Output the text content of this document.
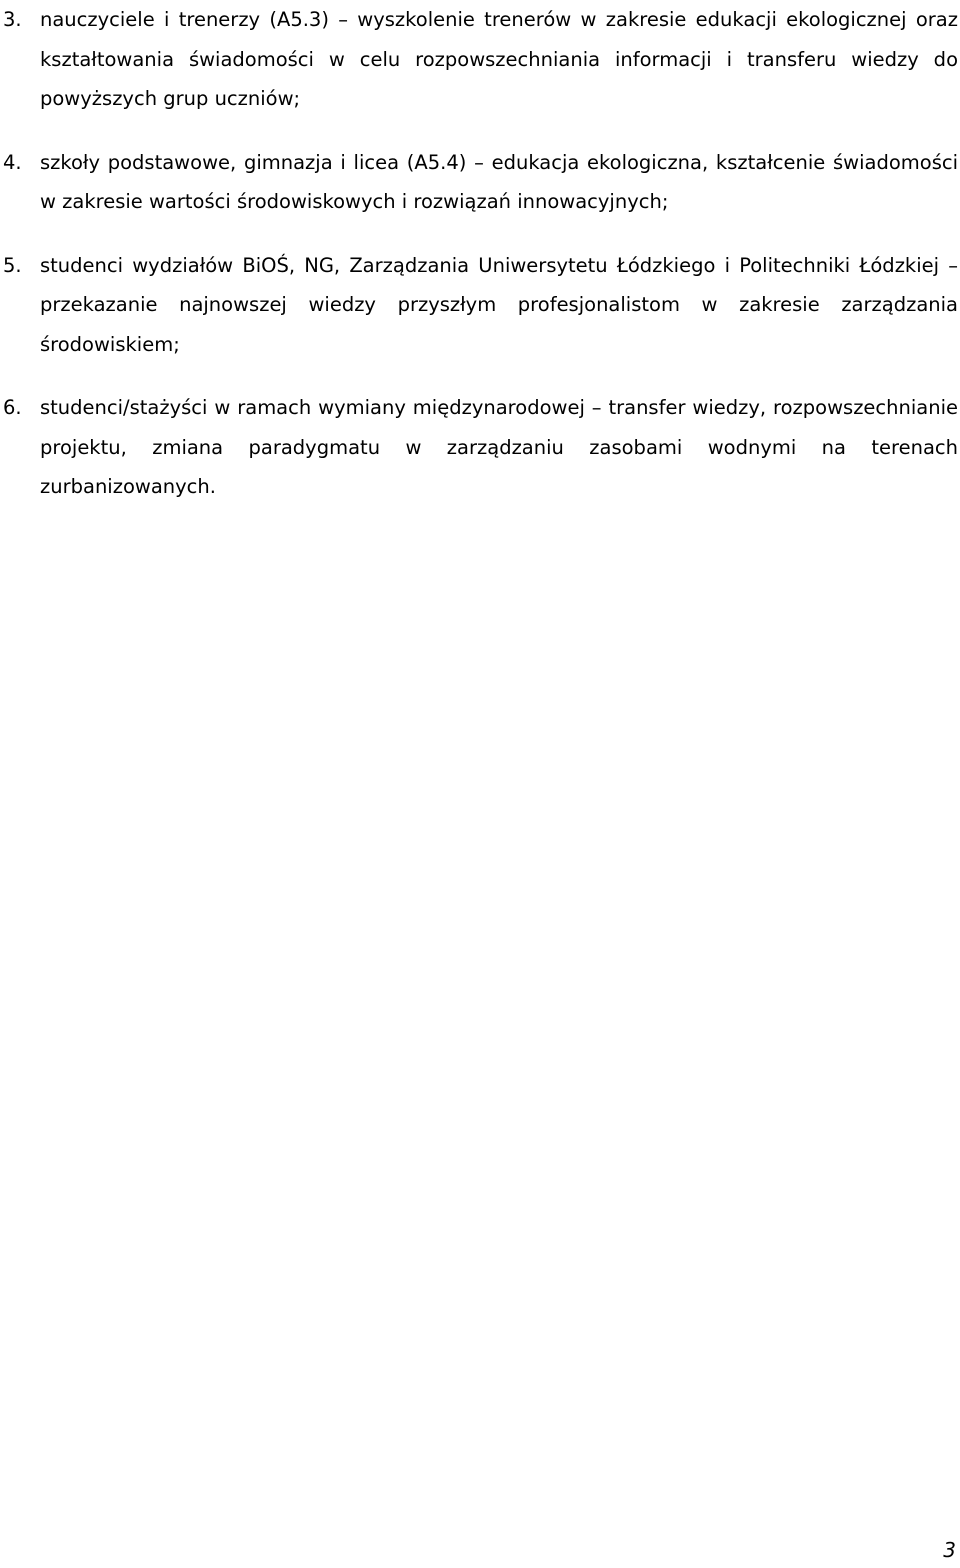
3. nauczyciele i trenerzy (A5.3) – wyszkolenie trenerów w zakresie edukacji ekologicznej oraz kształtowania świadomości w celu rozpowszechniania informacji i transferu wiedzy do powyższych grup uczniów;
4. szkoły podstawowe, gimnazja i licea (A5.4) – edukacja ekologiczna, kształcenie świadomości w zakresie wartości środowiskowych i rozwiązań innowacyjnych;
5. studenci wydziałów BiOŚ, NG, Zarządzania Uniwersytetu Łódzkiego i Politechniki Łódzkiej – przekazanie najnowszej wiedzy przyszłym profesjonalistom w zakresie zarządzania środowiskiem;
6. studenci/stażyści w ramach wymiany międzynarodowej – transfer wiedzy, rozpowszechnianie projektu, zmiana paradygmatu w zarządzaniu zasobami wodnymi na terenach zurbanizowanych.
3
